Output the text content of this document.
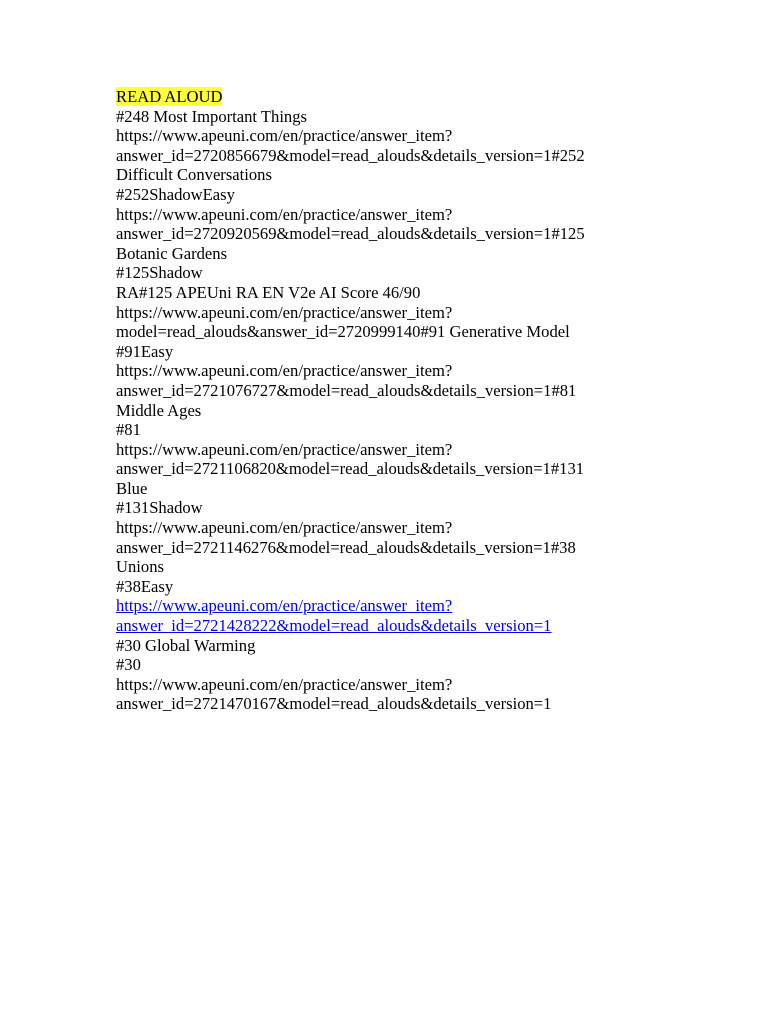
READ ALOUD
#248 Most Important Things
https://www.apeuni.com/en/practice/answer_item?
answer_id=2720856679&model=read_alouds&details_version=1#252
Difficult Conversations
#252ShadowEasy
https://www.apeuni.com/en/practice/answer_item?
answer_id=2720920569&model=read_alouds&details_version=1#125
Botanic Gardens
#125Shadow
RA#125 APEUni RA EN V2e AI Score 46/90
https://www.apeuni.com/en/practice/answer_item?
model=read_alouds&answer_id=2720999140#91 Generative Model
#91Easy
https://www.apeuni.com/en/practice/answer_item?
answer_id=2721076727&model=read_alouds&details_version=1#81
Middle Ages
#81
https://www.apeuni.com/en/practice/answer_item?
answer_id=2721106820&model=read_alouds&details_version=1#131
Blue
#131Shadow
https://www.apeuni.com/en/practice/answer_item?
answer_id=2721146276&model=read_alouds&details_version=1#38
Unions
#38Easy
https://www.apeuni.com/en/practice/answer_item?
answer_id=2721428222&model=read_alouds&details_version=1
#30 Global Warming
#30
https://www.apeuni.com/en/practice/answer_item?
answer_id=2721470167&model=read_alouds&details_version=1
